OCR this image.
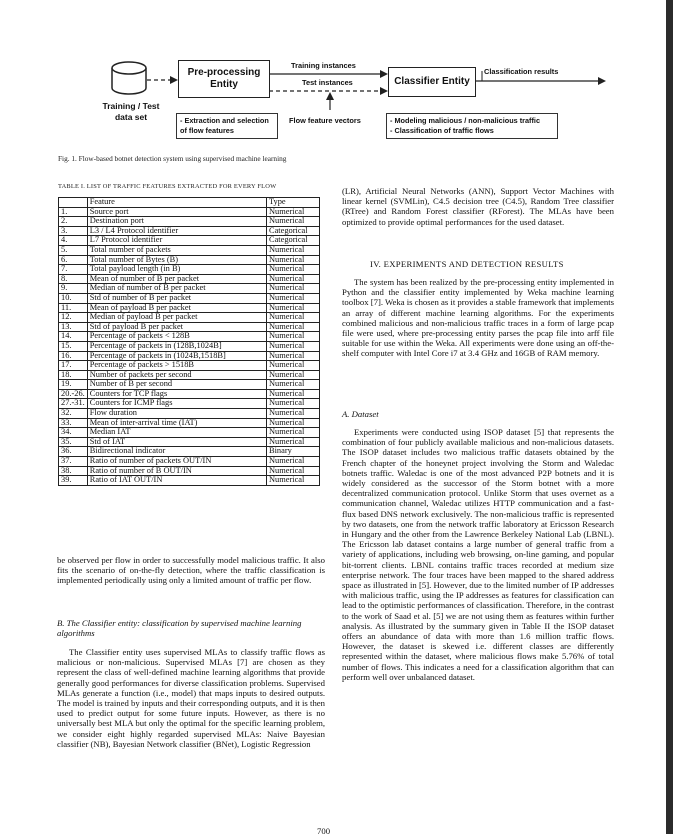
Training / Test
data set
Pre-processing
Entity
Training instances
Test instances	Classifier Entity
Classification results
Flow feature vectors
- Extraction and selection
of flow features
- Modeling malicious / non-malicious traffic
- Classification of traffic flows
Fig. 1. Flow-based botnet detection system using supervised machine learning
TABLE I. LIST OF TRAFFIC FEATURES EXTRACTED FOR EVERY FLOW
	Feature	Type
1.	Source port	Numerical
2.	Destination port	Numerical
3.	L3 / L4 Protocol identifier	Categorical
4.	L7 Protocol identifier	Categorical
5.	Total number of packets	Numerical
6.	Total number of Bytes (B)	Numerical
7.	Total payload length (in B)	Numerical
8.	Mean of number of B per packet	Numerical
9.	Median of number of B per packet	Numerical
10.	Std of number of B per packet	Numerical
11.	Mean of payload B per packet	Numerical
12.	Median of payload B per packet	Numerical
13.	Std of payload B per packet	Numerical
14.	Percentage of packets < 128B	Numerical
15.	Percentage of packets in (128B,1024B]	Numerical
16.	Percentage of packets in (1024B,1518B]	Numerical
17.	Percentage of packets > 1518B	Numerical
18.	Number of packets per second	Numerical
19.	Number of B per second	Numerical
20.-26.	Counters for TCP flags	Numerical
27.-31.	Counters for ICMP flags	Numerical
32.	Flow duration	Numerical
33.	Mean of inter-arrival time (IAT)	Numerical
34.	Median IAT	Numerical
35.	Std of IAT	Numerical
36.	Bidirectional indicator	Binary
37.	Ratio of number of packets OUT/IN	Numerical
38.	Ratio of number of B OUT/IN	Numerical
39.	Ratio of IAT OUT/IN	Numerical

be observed per flow in order to successfully model malicious traffic. It also fits the scenario of on-the-fly detection, where the traffic classification is implemented periodically using only a limited amount of traffic per flow.

B. The Classifier entity: classification by supervised machine learning algorithms

The Classifier entity uses supervised MLAs to classify traffic flows as malicious or non-malicious. Supervised MLAs [7] are chosen as they represent the class of well-defined machine learning algorithms that provide generally good performances for diverse classification problems. Supervised MLAs generate a function (i.e., model) that maps inputs to desired outputs. The model is trained by inputs and their corresponding outputs, and it is then used to predict output for some future inputs. However, as there is no universally best MLA but only the optimal for the specific learning problem, we consider eight highly regarded supervised MLAs: Naive Bayesian classifier (NB), Bayesian Network classifier (BNet), Logistic Regression

(LR), Artificial Neural Networks (ANN), Support Vector Machines with linear kernel (SVMLin), C4.5 decision tree (C4.5), Random Tree classifier (RTree) and Random Forest classifier (RForest). The MLAs have been optimized to provide optimal performances for the used dataset.

IV. EXPERIMENTS AND DETECTION RESULTS

The system has been realized by the pre-processing entity implemented in Python and the classifier entity implemented by Weka machine learning toolbox [7]. Weka is chosen as it provides a stable framework that implements an array of different machine learning algorithms. For the experiments combined malicious and non-malicious traffic traces in a form of large pcap file were used, where pre-processing entity parses the pcap file into arff file suitable for use within the Weka. All experiments were done using an off-the-shelf computer with Intel Core i7 at 3.4 GHz and 16GB of RAM memory.

A. Dataset

Experiments were conducted using ISOP dataset [5] that represents the combination of four publicly available malicious and non-malicious datasets. The ISOP dataset includes two malicious traffic datasets obtained by the French chapter of the honeynet project involving the Storm and Waledac botnets traffic. Waledac is one of the most advanced P2P botnets and it is widely considered as the successor of the Storm botnet with a more decentralized communication protocol. Unlike Storm that uses overnet as a communication channel, Waledac utilizes HTTP communication and a fast-flux based DNS network exclusively. The non-malicious traffic is represented by two datasets, one from the network traffic laboratory at Ericsson Research in Hungary and the other from the Lawrence Berkeley National Lab (LBNL). The Ericsson lab dataset contains a large number of general traffic from a variety of applications, including web browsing, on-line gaming, and popular bit-torrent clients. LBNL contains traffic traces recorded at medium size enterprise network. The four traces have been mapped to the shared address space as illustrated in [5]. However, due to the limited number of IP addresses with malicious traffic, using the IP addresses as features for classification can lead to the optimistic performances of classification. Therefore, in the contrast to the work of Saad et al. [5] we are not using them as features within further analysis. As illustrated by the summary given in Table II the ISOP dataset offers an abundance of data with more than 1.6 million traffic flows. However, the dataset is skewed i.e. different classes are differently represented within the dataset, where malicious flows make 5.76% of total number of flows. This indicates a need for a classification algorithm that can perform well over unbalanced dataset.

700
